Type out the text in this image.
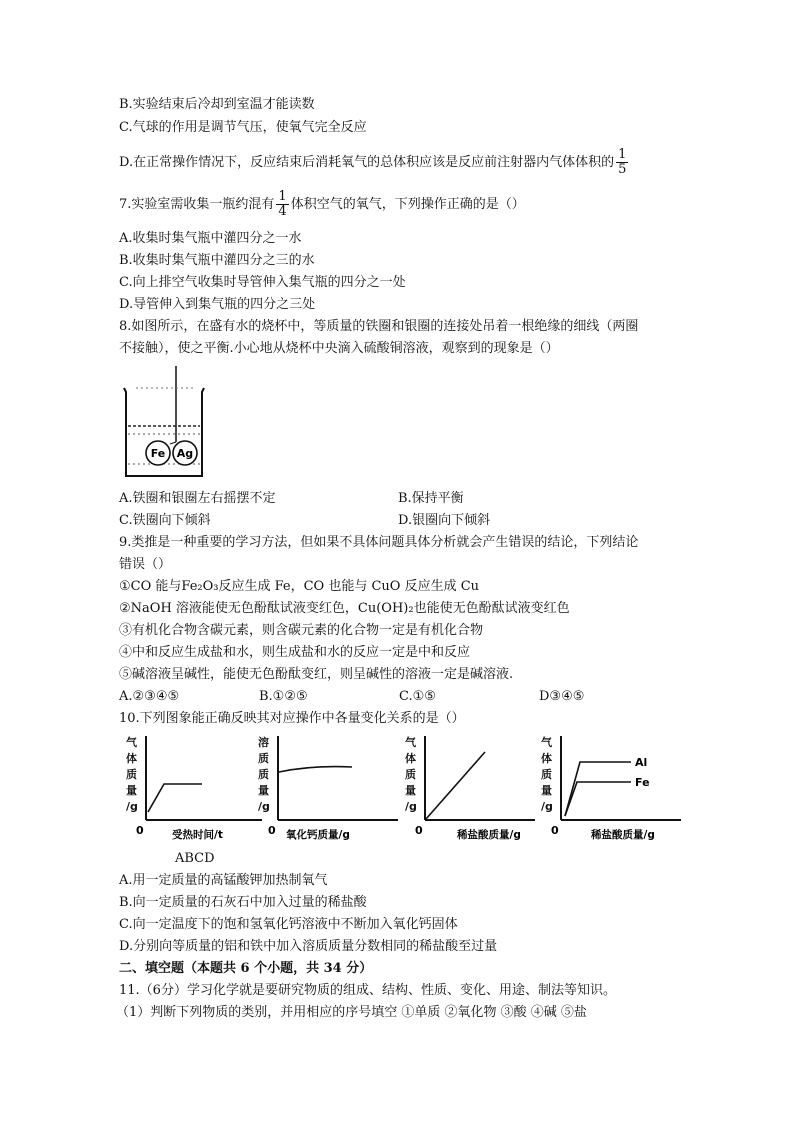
B.实验结束后冷却到室温才能读数
C.气球的作用是调节气压，使氧气完全反应
D.在正常操作情况下，反应结束后消耗氧气的总体积应该是反应前注射器内气体体积的 $\frac{1}{5}$
7.实验室需收集一瓶约混有 $\frac{1}{4}$ 体积空气的氧气，下列操作正确的是（）
A.收集时集气瓶中灌四分之一水
B.收集时集气瓶中灌四分之三的水
C.向上排空气收集时导管伸入集气瓶的四分之一处
D.导管伸入到集气瓶的四分之三处
8.如图所示，在盛有水的烧杯中，等质量的铁圈和银圈的连接处吊着一根绝缘的细线（两圈
不接触），使之平衡.小心地从烧杯中央滴入硫酸铜溶液，观察到的现象是（）
Fe Ag
A.铁圈和银圈左右摇摆不定	B.保持平衡
C.铁圈向下倾斜	D.银圈向下倾斜
9.类推是一种重要的学习方法，但如果不具体问题具体分析就会产生错误的结论，下列结论
错误（）
①CO 能与Fe₂O₃反应生成 Fe，CO 也能与 CuO 反应生成 Cu
②NaOH 溶液能使无色酚酞试液变红色，Cu(OH)₂也能使无色酚酞试液变红色
③有机化合物含碳元素，则含碳元素的化合物一定是有机化合物
④中和反应生成盐和水，则生成盐和水的反应一定是中和反应
⑤碱溶液呈碱性，能使无色酚酞变红，则呈碱性的溶液一定是碱溶液.
A.②③④⑤	B.①②⑤	C.①⑤	D③④⑤
10.下列图象能正确反映其对应操作中各量变化关系的是（）
气
体
质
量
/g
0	受热时间/t
溶
质
质
量
/g
0 氧化钙质量/g
气
体
质
量
/g
0	稀盐酸质量/g
气
体
质
量
/g
Al
Fe
0	稀盐酸质量/g
ABCD
A.用一定质量的高锰酸钾加热制氧气
B.向一定质量的石灰石中加入过量的稀盐酸
C.向一定温度下的饱和氢氧化钙溶液中不断加入氧化钙固体
D.分别向等质量的铝和铁中加入溶质质量分数相同的稀盐酸至过量
二、填空题（本题共 6 个小题，共 34 分）
11.（6分）学习化学就是要研究物质的组成、结构、性质、变化、用途、制法等知识。
（1）判断下列物质的类别，并用相应的序号填空 ①单质 ②氧化物 ③酸 ④碱 ⑤盐
